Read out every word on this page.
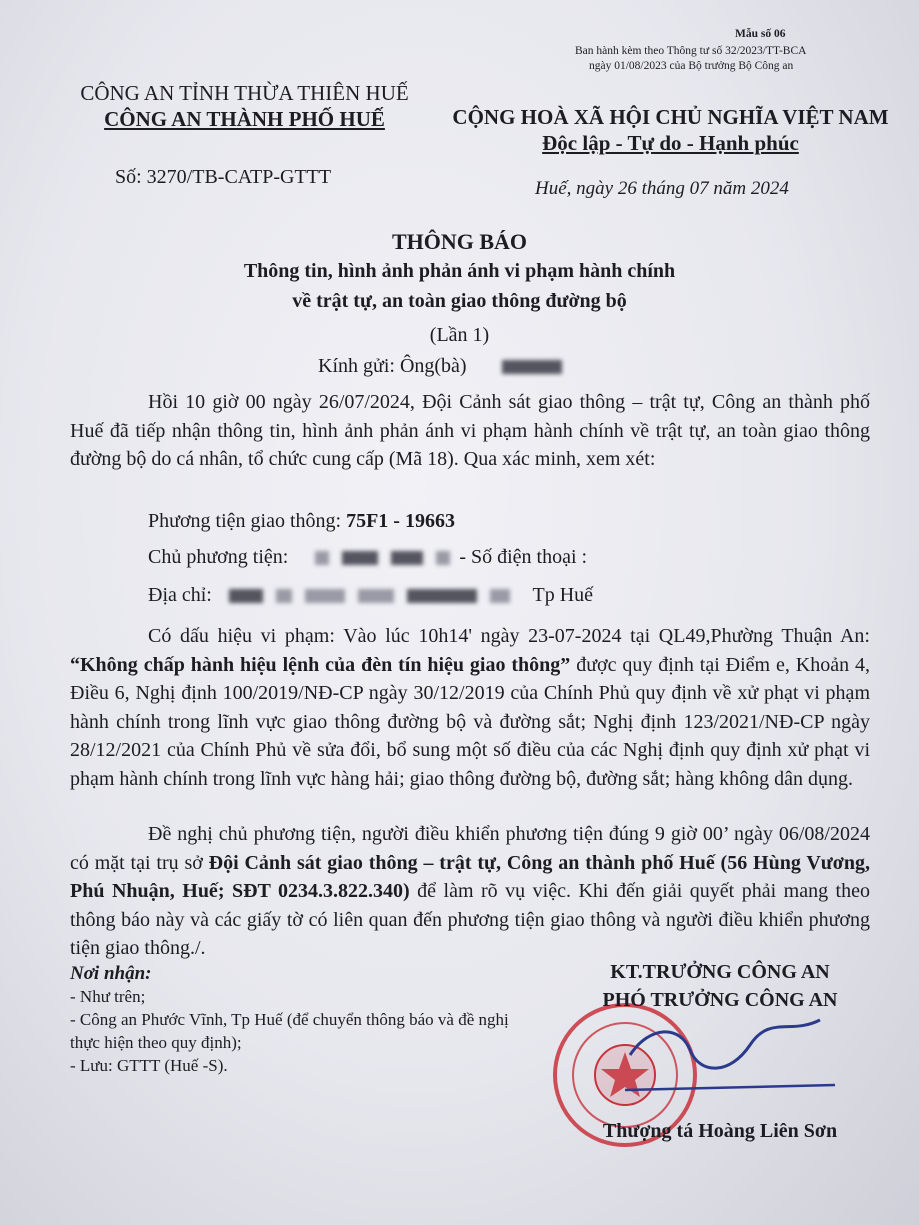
Mẫu số 06
Ban hành kèm theo Thông tư số 32/2023/TT-BCA
ngày 01/08/2023 của Bộ trưởng Bộ Công an
CÔNG AN TỈNH THỪA THIÊN HUẾ
CÔNG AN THÀNH PHỐ HUẾ	CỘNG HOÀ XÃ HỘI CHỦ NGHĨA VIỆT NAM
Độc lập - Tự do - Hạnh phúc
Số: 3270/TB-CATP-GTTT
Huế, ngày 26 tháng 07 năm 2024
THÔNG BÁO
Thông tin, hình ảnh phản ánh vi phạm hành chính
về trật tự, an toàn giao thông đường bộ
(Lần 1)
Kính gửi: Ông(bà)
Hồi 10 giờ 00 ngày 26/07/2024, Đội Cảnh sát giao thông – trật tự, Công an thành phố Huế đã tiếp nhận thông tin, hình ảnh phản ánh vi phạm hành chính về trật tự, an toàn giao thông đường bộ do cá nhân, tổ chức cung cấp (Mã 18). Qua xác minh, xem xét:
Phương tiện giao thông: 75F1 - 19663
Chủ phương tiện:	- Số điện thoại :
Địa chỉ:	Tp Huế
Có dấu hiệu vi phạm: Vào lúc 10h14' ngày 23-07-2024 tại QL49,Phường Thuận An: “Không chấp hành hiệu lệnh của đèn tín hiệu giao thông” được quy định tại Điểm e, Khoản 4, Điều 6, Nghị định 100/2019/NĐ-CP ngày 30/12/2019 của Chính Phủ quy định về xử phạt vi phạm hành chính trong lĩnh vực giao thông đường bộ và đường sắt; Nghị định 123/2021/NĐ-CP ngày 28/12/2021 của Chính Phủ về sửa đổi, bổ sung một số điều của các Nghị định quy định xử phạt vi phạm hành chính trong lĩnh vực hàng hải; giao thông đường bộ, đường sắt; hàng không dân dụng.
Đề nghị chủ phương tiện, người điều khiển phương tiện đúng 9 giờ 00’ ngày 06/08/2024 có mặt tại trụ sở Đội Cảnh sát giao thông – trật tự, Công an thành phố Huế (56 Hùng Vương, Phú Nhuận, Huế; SĐT 0234.3.822.340) để làm rõ vụ việc. Khi đến giải quyết phải mang theo thông báo này và các giấy tờ có liên quan đến phương tiện giao thông và người điều khiển phương tiện giao thông./.
Nơi nhận:
- Như trên;
- Công an Phước Vĩnh, Tp Huế (để chuyển thông báo và đề nghị thực hiện theo quy định);
- Lưu: GTTT (Huế -S).
KT.TRƯỞNG CÔNG AN
PHÓ TRƯỞNG CÔNG AN
Thượng tá Hoàng Liên Sơn
